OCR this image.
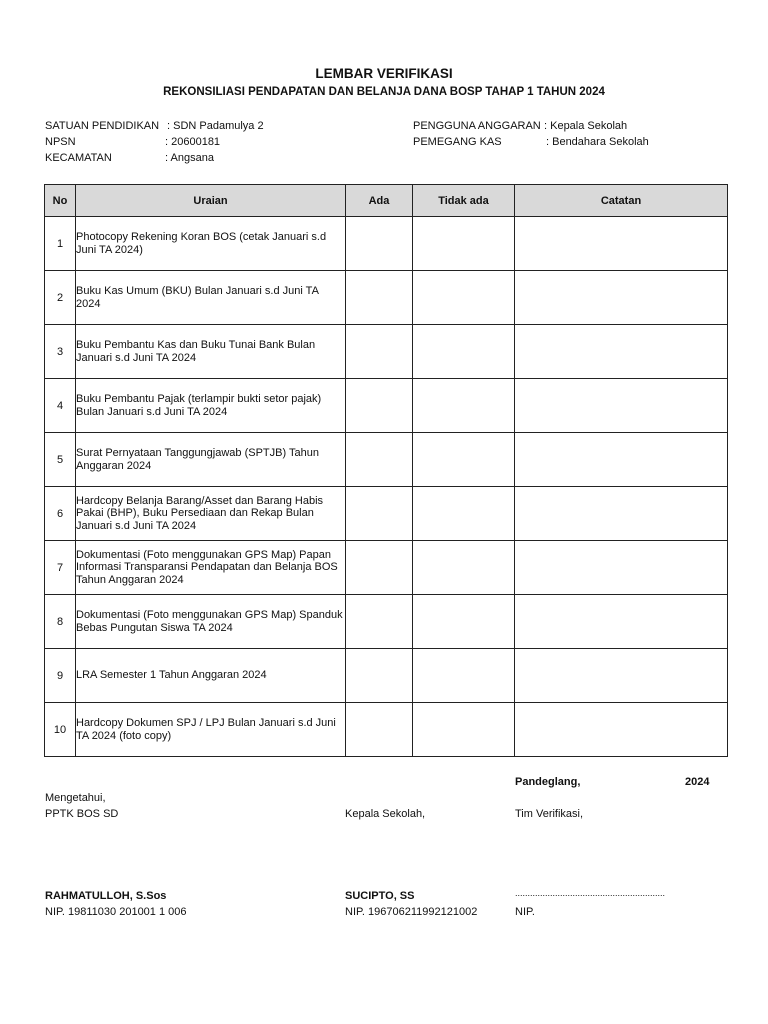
LEMBAR VERIFIKASI
REKONSILIASI PENDAPATAN DAN BELANJA DANA BOSP TAHAP 1 TAHUN 2024
SATUAN PENDIDIKAN : SDN Padamulya 2
NPSN	: 20600181
KECAMATAN	: Angsana
PENGGUNA ANGGARAN : Kepala Sekolah
PEMEGANG KAS	: Bendahara Sekolah
No	Uraian	Ada	Tidak ada	Catatan
1	Photocopy Rekening Koran BOS (cetak Januari s.d Juni TA 2024)			
2	Buku Kas Umum (BKU) Bulan Januari s.d Juni TA 2024			
3	Buku Pembantu Kas dan Buku Tunai Bank Bulan Januari s.d Juni TA 2024			
4	Buku Pembantu Pajak (terlampir bukti setor pajak) Bulan Januari s.d Juni TA 2024			
5	Surat Pernyataan Tanggungjawab (SPTJB) Tahun Anggaran 2024			
6	Hardcopy Belanja Barang/Asset dan Barang Habis Pakai (BHP), Buku Persediaan dan Rekap Bulan Januari s.d Juni TA 2024			
7	Dokumentasi (Foto menggunakan GPS Map) Papan Informasi Transparansi Pendapatan dan Belanja BOS Tahun Anggaran 2024			
8	Dokumentasi (Foto menggunakan GPS Map) Spanduk Bebas Pungutan Siswa TA 2024			
9	LRA Semester 1 Tahun Anggaran 2024			
10	Hardcopy Dokumen SPJ / LPJ Bulan Januari s.d Juni TA 2024 (foto copy)			
Pandeglang,	2024
Mengetahui,
PPTK BOS SD	Kepala Sekolah,	Tim Verifikasi,
RAHMATULLOH, S.Sos	SUCIPTO, SS	............................................................
NIP. 19811030 201001 1 006	NIP. 196706211992121002	NIP.
